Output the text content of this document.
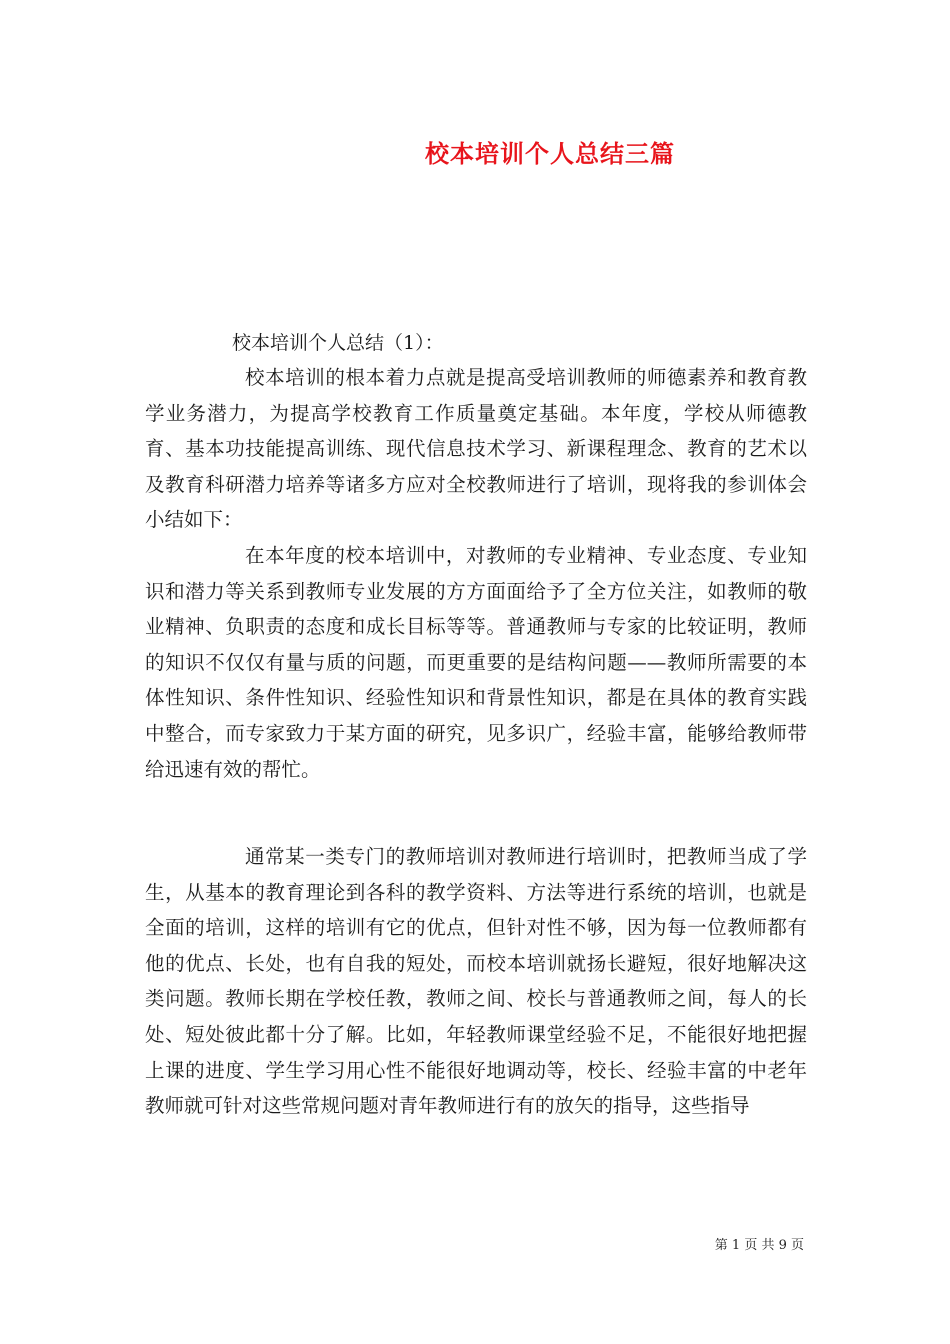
校本培训个人总结三篇
校本培训个人总结（1）：

校本培训的根本着力点就是提高受培训教师的师德素养和教育教学业务潜力，为提高学校教育工作质量奠定基础。本年度，学校从师德教育、基本功技能提高训练、现代信息技术学习、新课程理念、教育的艺术以及教育科研潜力培养等诸多方应对全校教师进行了培训，现将我的参训体会小结如下：

在本年度的校本培训中，对教师的专业精神、专业态度、专业知识和潜力等关系到教师专业发展的方方面面给予了全方位关注，如教师的敬业精神、负职责的态度和成长目标等等。普通教师与专家的比较证明，教师的知识不仅仅有量与质的问题，而更重要的是结构问题——教师所需要的本体性知识、条件性知识、经验性知识和背景性知识，都是在具体的教育实践中整合，而专家致力于某方面的研究，见多识广，经验丰富，能够给教师带给迅速有效的帮忙。

通常某一类专门的教师培训对教师进行培训时，把教师当成了学生，从基本的教育理论到各科的教学资料、方法等进行系统的培训，也就是全面的培训，这样的培训有它的优点，但针对性不够，因为每一位教师都有他的优点、长处，也有自我的短处，而校本培训就扬长避短，很好地解决这类问题。教师长期在学校任教，教师之间、校长与普通教师之间，每人的长处、短处彼此都十分了解。比如，年轻教师课堂经验不足，不能很好地把握上课的进度、学生学习用心性不能很好地调动等，校长、经验丰富的中老年教师就可针对这些常规问题对青年教师进行有的放矢的指导，这些指导

第 1 页 共 9 页
